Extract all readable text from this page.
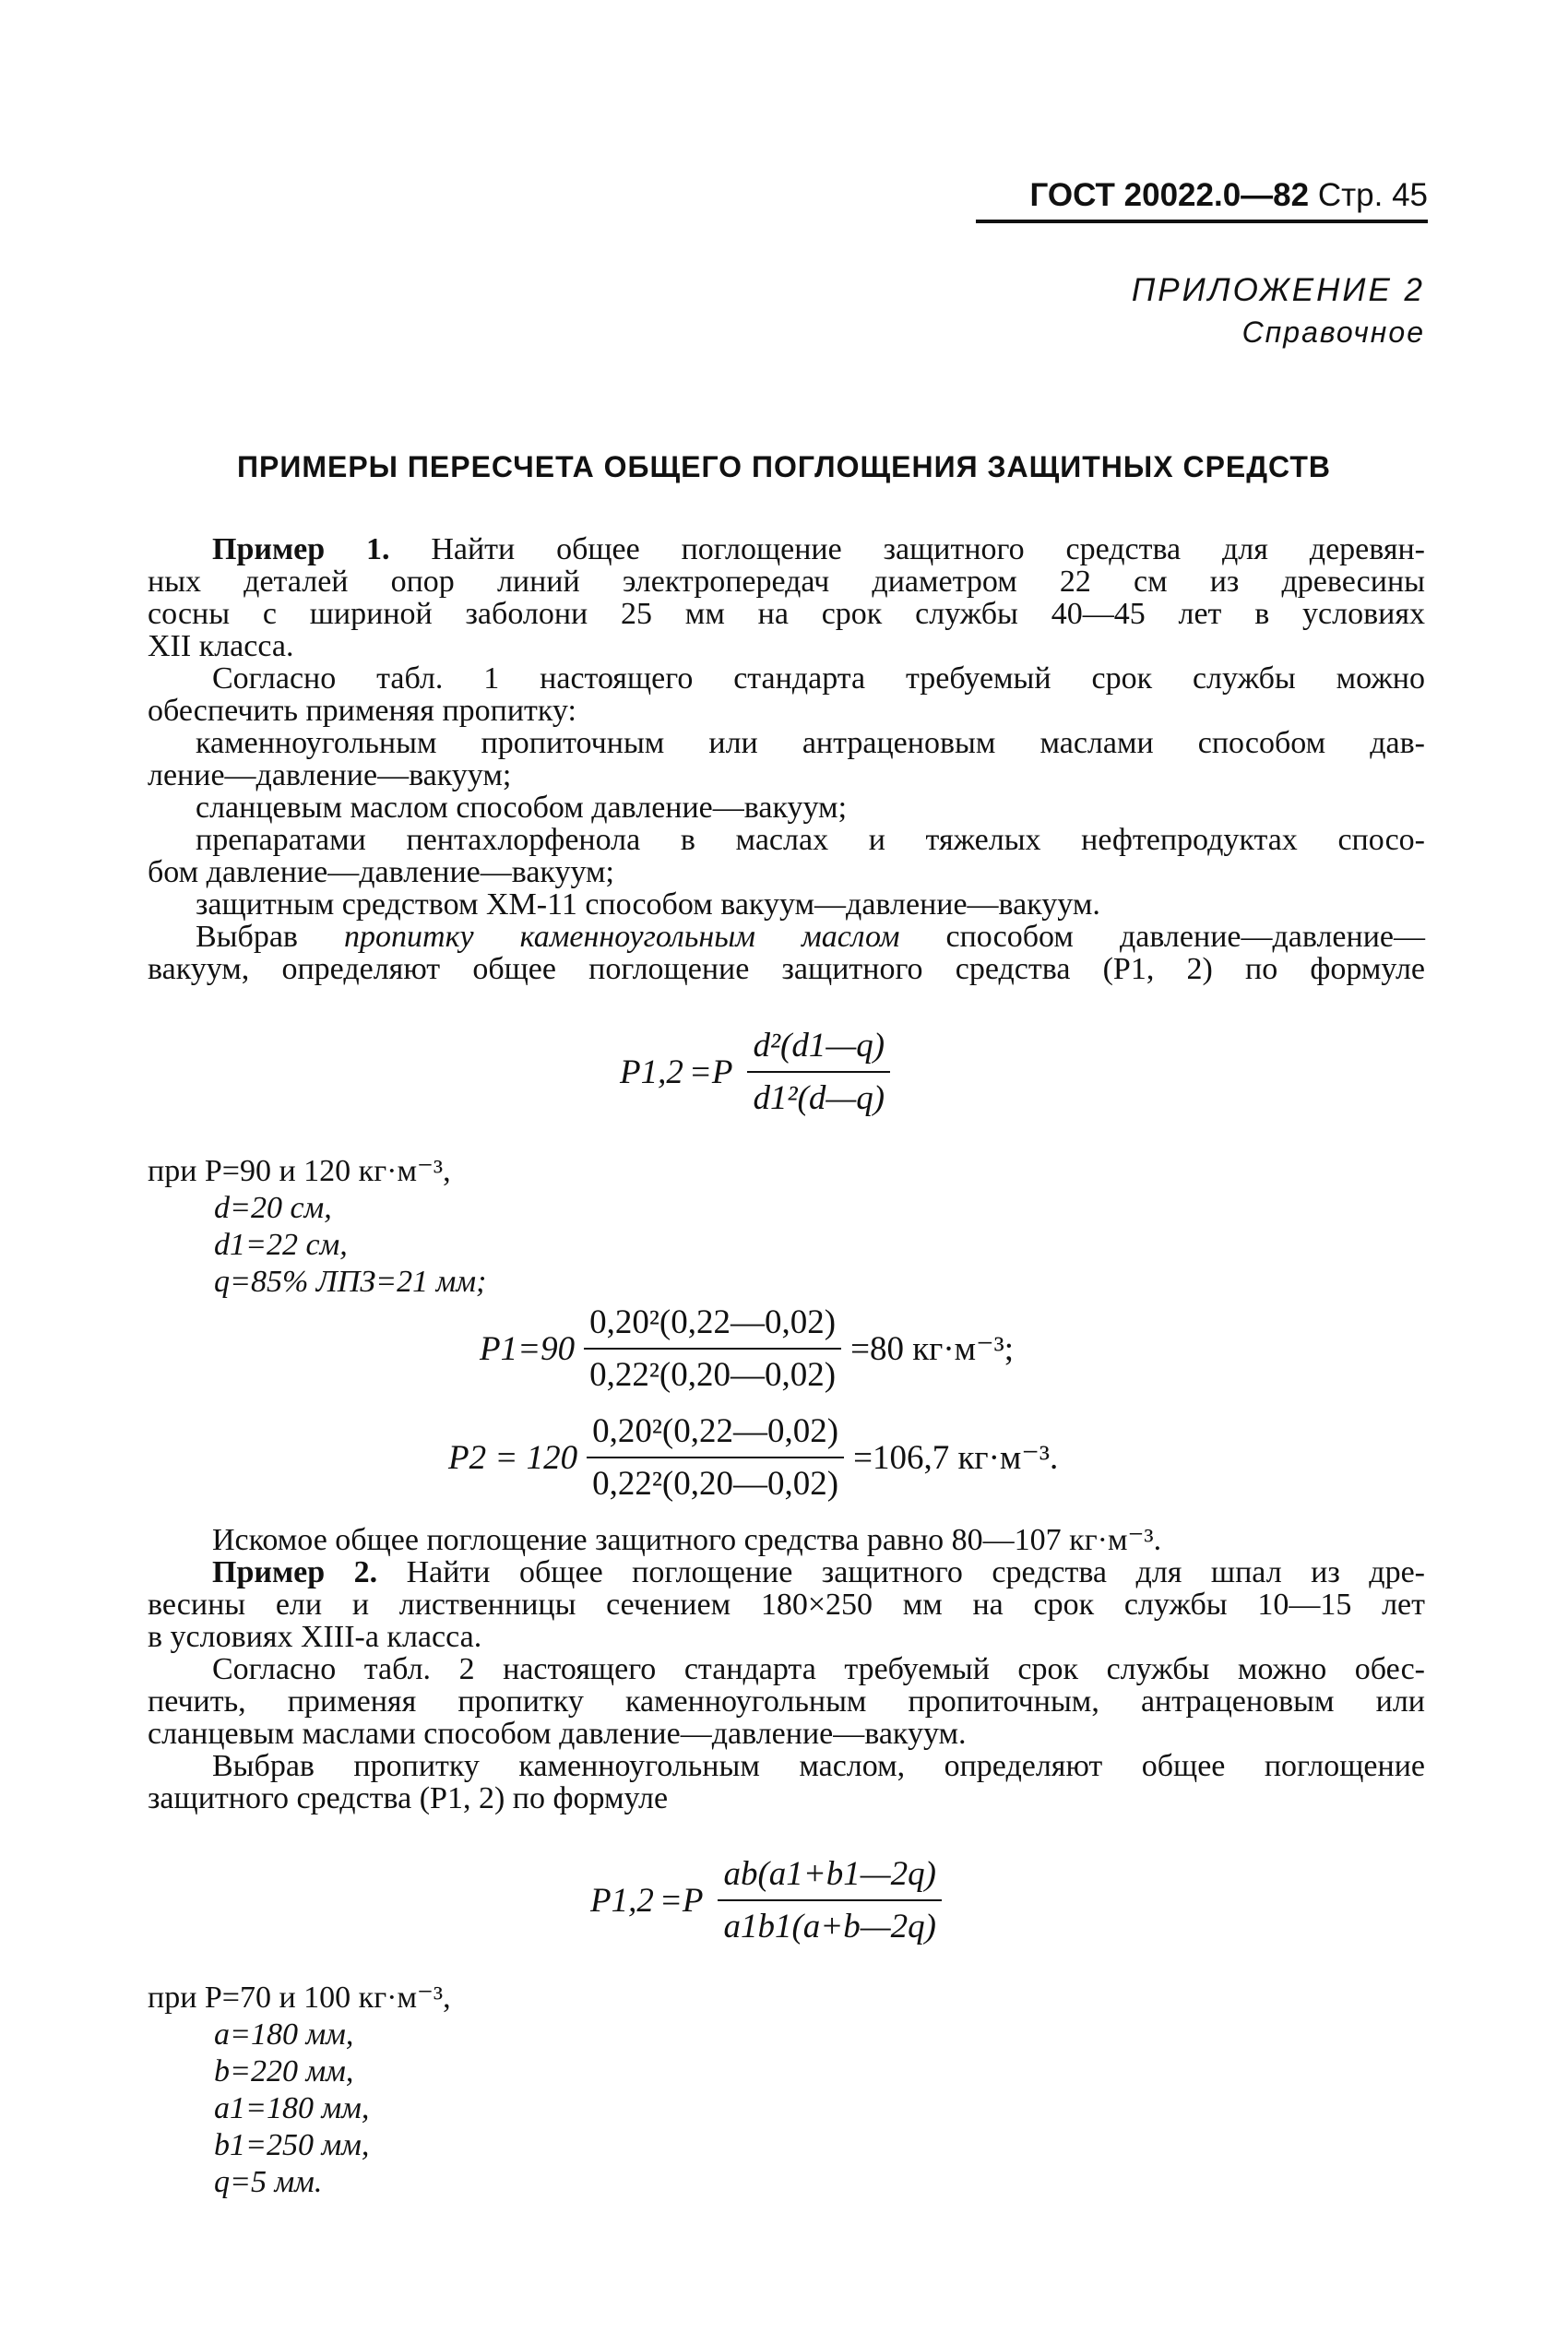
ГОСТ 20022.0—82 Стр. 45
ПРИЛОЖЕНИЕ 2
Справочное
ПРИМЕРЫ ПЕРЕСЧЕТА ОБЩЕГО ПОГЛОЩЕНИЯ ЗАЩИТНЫХ СРЕДСТВ

Пример 1. Найти общее поглощение защитного средства для деревян-

ных деталей опор линий электропередач диаметром 22 см из древесины

сосны с шириной заболони 25 мм на срок службы 40—45 лет в условиях

XII класса.

Согласно табл. 1 настоящего стандарта требуемый срок службы можно

обеспечить применяя пропитку:

каменноугольным пропиточным или антраценовым маслами способом дав-

ление—давление—вакуум;

сланцевым маслом способом давление—вакуум;

препаратами пентахлорфенола в маслах и тяжелых нефтепродуктах спосо-

бом давление—давление—вакуум;

защитным средством ХМ-11 способом вакуум—давление—вакуум.

Выбрав пропитку каменноугольным маслом способом давление—давление—

вакуум, определяют общее поглощение защитного средства (P1, 2) по формуле

$P1,2 =P \frac{\text{d²(d1—q)}}{\text{d1²(d—q)}}$
при P=90 и 120 кг·м⁻³,
d=20 см,
d1=22 см,
q=85% ЛПЗ=21 мм;
$P1=90 \frac{\text{0,20²(0,22—0,02)}}{\text{0,22²(0,20—0,02)}} =80$ кг·м⁻³;
$P2 = 120 \frac{\text{0,20²(0,22—0,02)}}{\text{0,22²(0,20—0,02)}} =106,7$ кг·м⁻³.

Искомое общее поглощение защитного средства равно 80—107 кг·м⁻³.

Пример 2. Найти общее поглощение защитного средства для шпал из дре-

весины ели и лиственницы сечением 180×250 мм на срок службы 10—15 лет

в условиях XIII-а класса.

Согласно табл. 2 настоящего стандарта требуемый срок службы можно обес-

печить, применяя пропитку каменноугольным пропиточным, антраценовым или

сланцевым маслами способом давление—давление—вакуум.

Выбрав пропитку каменноугольным маслом, определяют общее поглощение

защитного средства (P1, 2) по формуле

$P1,2 =P \frac{ab(a1+b1—2q)}{a1b1(a+b—2q)}$
при P=70 и 100 кг·м⁻³,
a=180 мм,
b=220 мм,
a1=180 мм,
b1=250 мм,
q=5 мм.
